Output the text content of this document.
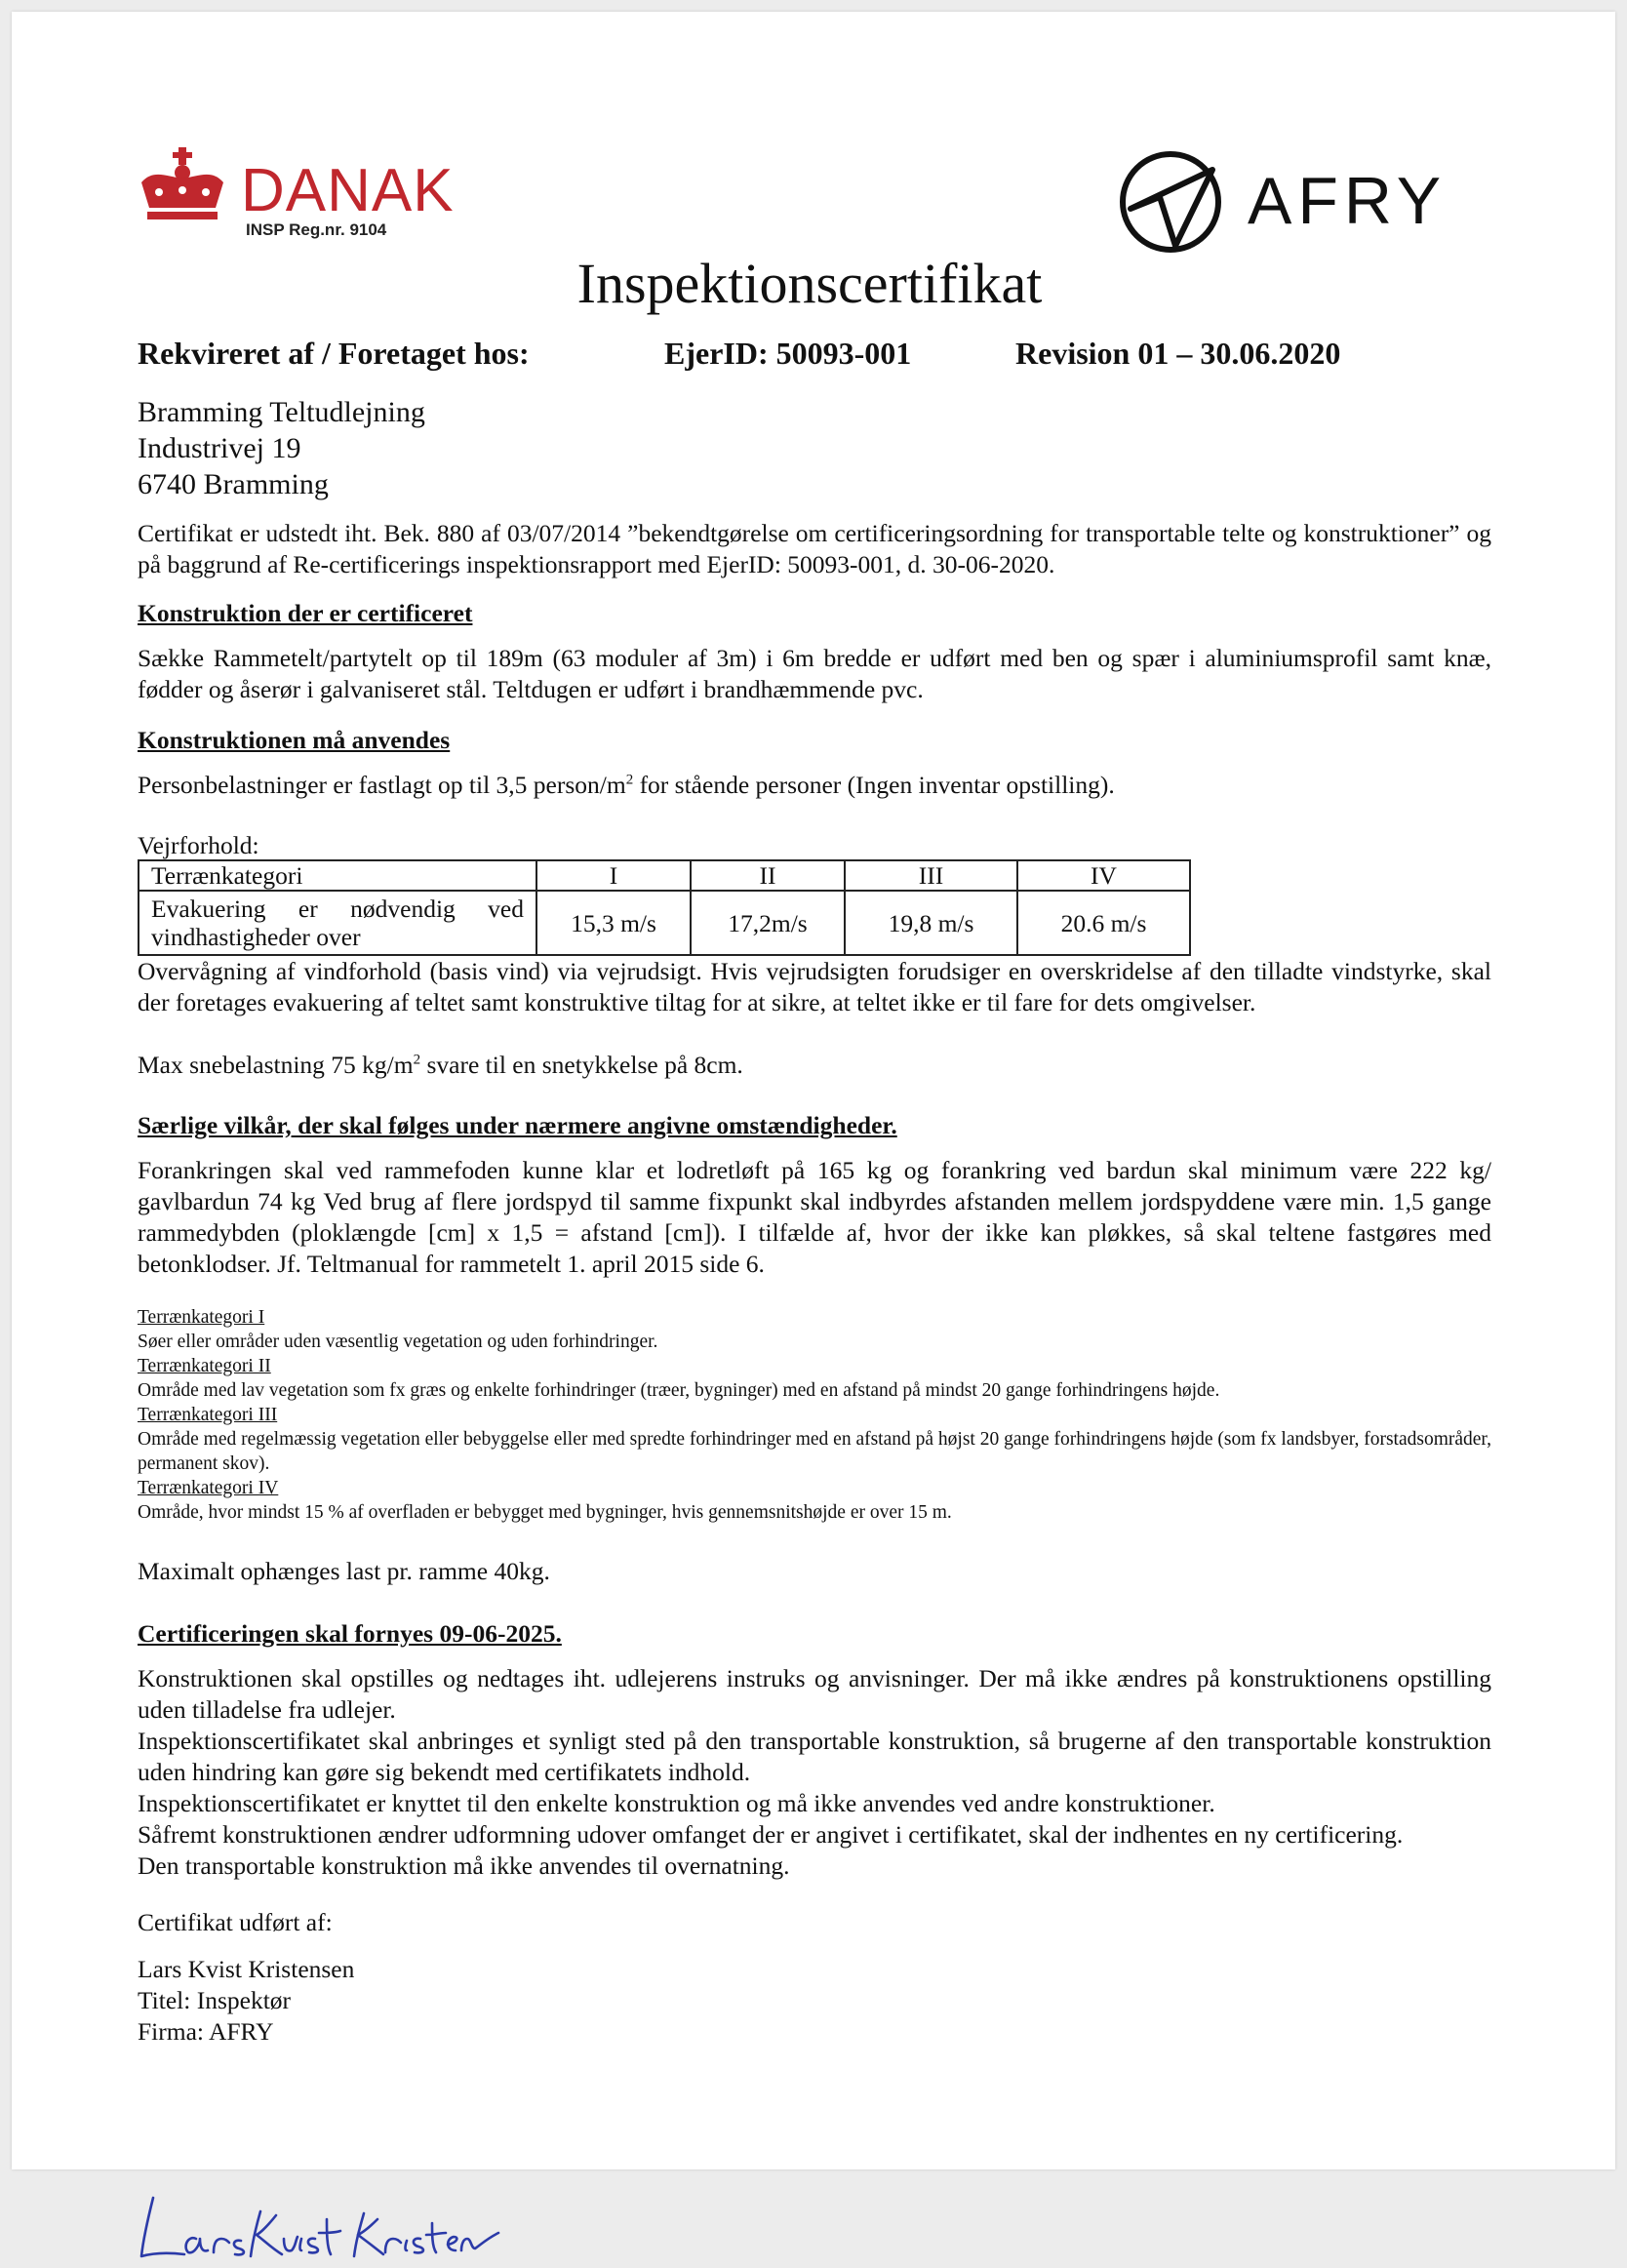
DANAK
INSP Reg.nr. 9104	AFRY
Inspektionscertifikat
Rekvireret af / Foretaget hos:	EjerID: 50093-001	Revision 01 – 30.06.2020
Bramming Teltudlejning
Industrivej 19
6740 Bramming

Certifikat er udstedt iht. Bek. 880 af 03/07/2014 ”bekendtgørelse om certificeringsordning for transportable telte og konstruktioner” og på baggrund af Re-certificerings inspektionsrapport med EjerID: 50093-001, d. 30-06-2020.

Konstruktion der er certificeret

Sække Rammetelt/partytelt op til 189m (63 moduler af 3m) i 6m bredde er udført med ben og spær i aluminiumsprofil samt knæ, fødder og åserør i galvaniseret stål. Teltdugen er udført i brandhæmmende pvc.

Konstruktionen må anvendes

Personbelastninger er fastlagt op til 3,5 person/$m^2$ for stående personer (Ingen inventar opstilling).

Vejrforhold:

Terrænkategori	I	II	III	IV
Evakuering er nødvendig ved vindhastigheder over	15,3 m/s	17,2m/s	19,8 m/s	20.6 m/s

Overvågning af vindforhold (basis vind) via vejrudsigt. Hvis vejrudsigten forudsiger en overskridelse af den tilladte vindstyrke, skal der foretages evakuering af teltet samt konstruktive tiltag for at sikre, at teltet ikke er til fare for dets omgivelser.

Max snebelastning 75 $kg/m^2$ svare til en snetykkelse på 8cm.

Særlige vilkår, der skal følges under nærmere angivne omstændigheder.

Forankringen skal ved rammefoden kunne klar et lodretløft på 165 kg og forankring ved bardun skal minimum være 222 kg/ gavlbardun 74 kg Ved brug af flere jordspyd til samme fixpunkt skal indbyrdes afstanden mellem jordspyddene være min. 1,5 gange rammedybden (ploklængde [cm] x 1,5 = afstand [cm]). I tilfælde af, hvor der ikke kan pløkkes, så skal teltene fastgøres med betonklodser. Jf. Teltmanual for rammetelt 1. april 2015 side 6.

Terrænkategori I
Søer eller områder uden væsentlig vegetation og uden forhindringer.
Terrænkategori II
Område med lav vegetation som fx græs og enkelte forhindringer (træer, bygninger) med en afstand på mindst 20 gange forhindringens højde.
Terrænkategori III
Område med regelmæssig vegetation eller bebyggelse eller med spredte forhindringer med en afstand på højst 20 gange forhindringens højde (som fx landsbyer, forstadsområder, permanent skov).
Terrænkategori IV
Område, hvor mindst 15 % af overfladen er bebygget med bygninger, hvis gennemsnitshøjde er over 15 m.

Maximalt ophænges last pr. ramme 40kg.

Certificeringen skal fornyes 09-06-2025.

Konstruktionen skal opstilles og nedtages iht. udlejerens instruks og anvisninger. Der må ikke ændres på konstruktionens opstilling uden tilladelse fra udlejer.

Inspektionscertifikatet skal anbringes et synligt sted på den transportable konstruktion, så brugerne af den transportable konstruktion uden hindring kan gøre sig bekendt med certifikatets indhold.

Inspektionscertifikatet er knyttet til den enkelte konstruktion og må ikke anvendes ved andre konstruktioner.

Såfremt konstruktionen ændrer udformning udover omfanget der er angivet i certifikatet, skal der indhentes en ny certificering.

Den transportable konstruktion må ikke anvendes til overnatning.

Certifikat udført af:

Lars Kvist Kristensen

Titel: Inspektør

Firma: AFRY
